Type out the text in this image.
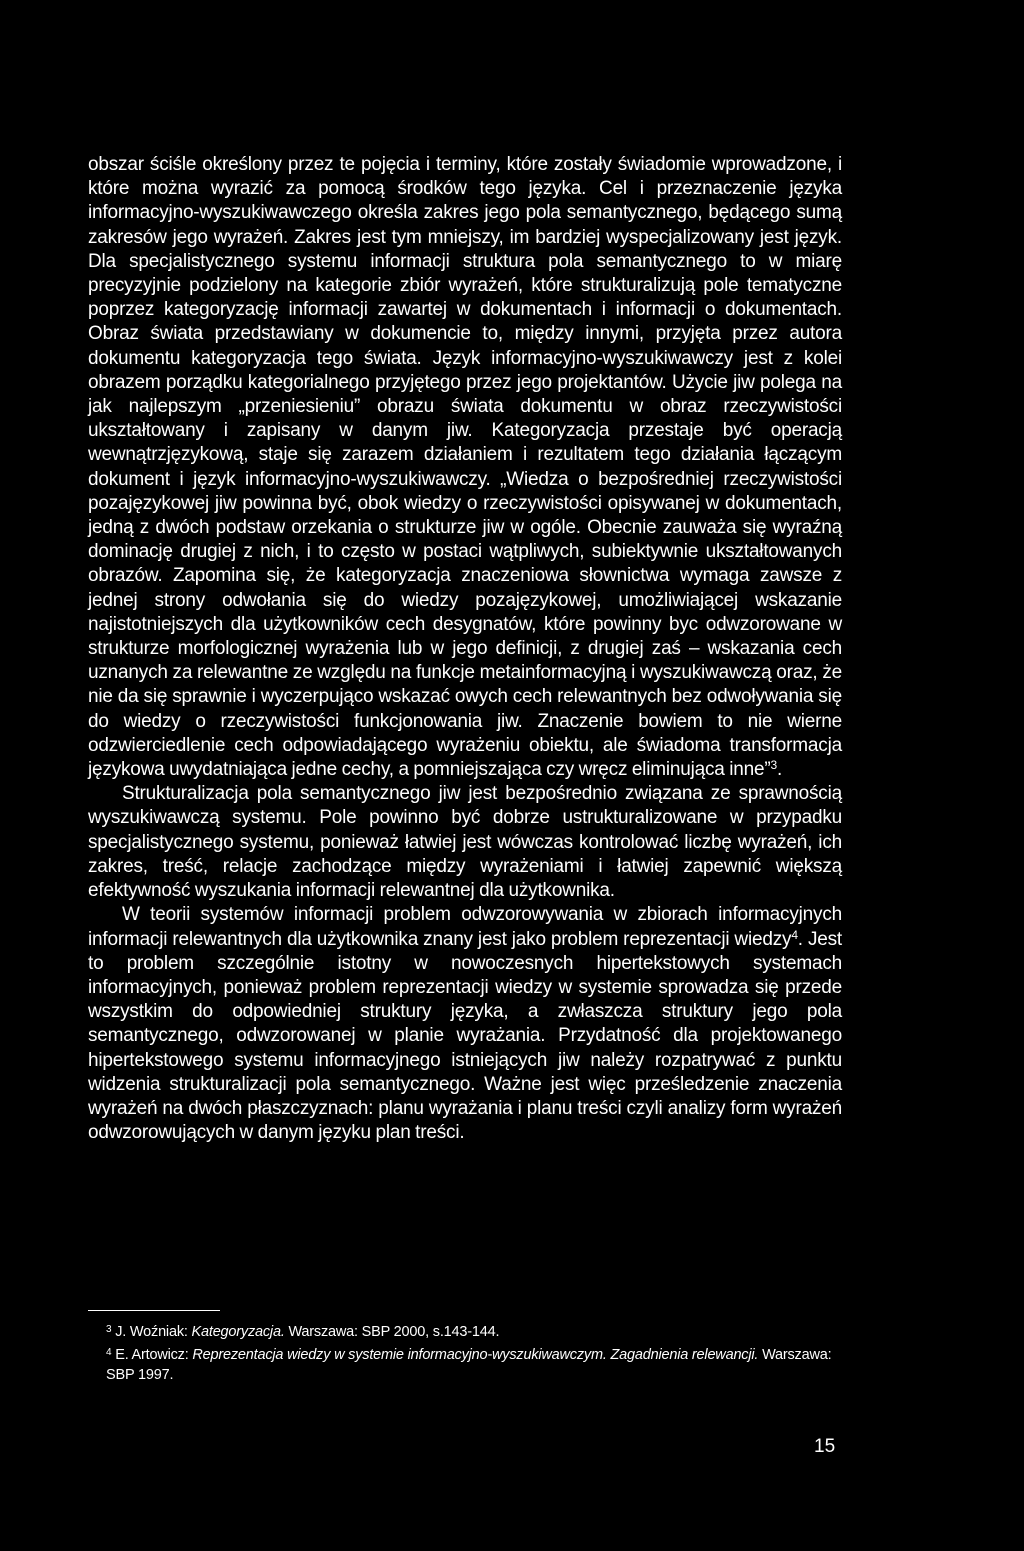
obszar ściśle określony przez te pojęcia i terminy, które zostały świadomie wprowadzone, i które można wyrazić za pomocą środków tego języka. Cel i przeznaczenie języka informacyjno-wyszukiwawczego określa zakres jego pola semantycznego, będącego sumą zakresów jego wyrażeń. Zakres jest tym mniejszy, im bardziej wyspecjalizowany jest język. Dla specjalistycznego systemu informacji struktura pola semantycznego to w miarę precyzyjnie podzielony na kategorie zbiór wyrażeń, które strukturalizują pole tematyczne poprzez kategoryzację informacji zawartej w dokumentach i informacji o dokumentach. Obraz świata przedstawiany w dokumencie to, między innymi, przyjęta przez autora dokumentu kategoryzacja tego świata. Język informacyjno-wyszukiwawczy jest z kolei obrazem porządku kategorialnego przyjętego przez jego projektantów. Użycie jiw polega na jak najlepszym „przeniesieniu” obrazu świata dokumentu w obraz rzeczywistości ukształtowany i zapisany w danym jiw. Kategoryzacja przestaje być operacją wewnątrzjęzykową, staje się zarazem działaniem i rezultatem tego działania łączącym dokument i język informacyjno-wyszukiwawczy. „Wiedza o bezpośredniej rzeczywistości pozajęzykowej jiw powinna być, obok wiedzy o rzeczywistości opisywanej w dokumentach, jedną z dwóch podstaw orzekania o strukturze jiw w ogóle. Obecnie zauważa się wyraźną dominację drugiej z nich, i to często w postaci wątpliwych, subiektywnie ukształtowanych obrazów. Zapomina się, że kategoryzacja znaczeniowa słownictwa wymaga zawsze z jednej strony odwołania się do wiedzy pozajęzykowej, umożliwiającej wskazanie najistotniejszych dla użytkowników cech desygnatów, które powinny byc odwzorowane w strukturze morfologicznej wyrażenia lub w jego definicji, z drugiej zaś – wskazania cech uznanych za relewantne ze względu na funkcje metainformacyjną i wyszukiwawczą oraz, że nie da się sprawnie i wyczerpująco wskazać owych cech relewantnych bez odwoływania się do wiedzy o rzeczywistości funkcjonowania jiw. Znaczenie bowiem to nie wierne odzwierciedlenie cech odpowiadającego wyrażeniu obiektu, ale świadoma transformacja językowa uwydatniająca jedne cechy, a pomniejszająca czy wręcz eliminująca inne”$^3$.

Strukturalizacja pola semantycznego jiw jest bezpośrednio związana ze sprawnością wyszukiwawczą systemu. Pole powinno być dobrze ustrukturalizowane w przypadku specjalistycznego systemu, ponieważ łatwiej jest wówczas kontrolować liczbę wyrażeń, ich zakres, treść, relacje zachodzące między wyrażeniami i łatwiej zapewnić większą efektywność wyszukania informacji relewantnej dla użytkownika.

W teorii systemów informacji problem odwzorowywania w zbiorach informacyjnych informacji relewantnych dla użytkownika znany jest jako problem reprezentacji wiedzy$^4$. Jest to problem szczególnie istotny w nowoczesnych hipertekstowych systemach informacyjnych, ponieważ problem reprezentacji wiedzy w systemie sprowadza się przede wszystkim do odpowiedniej struktury języka, a zwłaszcza struktury jego pola semantycznego, odwzorowanej w planie wyrażania. Przydatność dla projektowanego hipertekstowego systemu informacyjnego istniejących jiw należy rozpatrywać z punktu widzenia strukturalizacji pola semantycznego. Ważne jest więc prześledzenie znaczenia wyrażeń na dwóch płaszczyznach: planu wyrażania i planu treści czyli analizy form wyrażeń odwzorowujących w danym języku plan treści.

$^3$ J. Woźniak: Kategoryzacja. Warszawa: SBP 2000, s.143-144.

$^4$ E. Artowicz: Reprezentacja wiedzy w systemie informacyjno-wyszukiwawczym. Zagadnienia relewancji. Warszawa: SBP 1997.

15
